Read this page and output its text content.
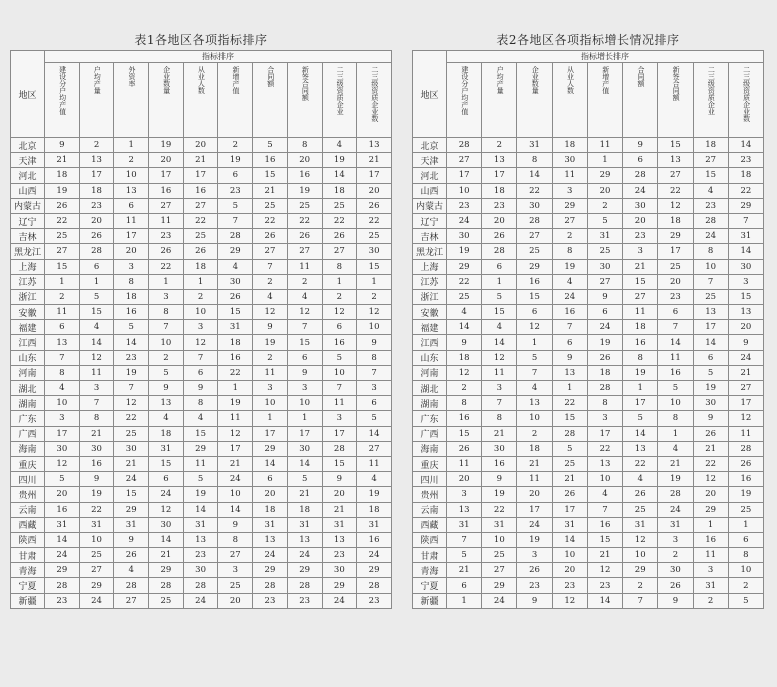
表1各地区各项指标排序
地区	指标排序									
	建设分户均产值	户均产量	外资率	企业数量	从业人数	新增产值	合同额	新签合同额	二三级资质企业	二三级资质企业数
北京	9	2	1	19	20	2	5	8	4	13
天津	21	13	2	20	21	19	16	20	19	21
河北	18	17	10	17	17	6	15	16	14	17
山西	19	18	13	16	16	23	21	19	18	20
内蒙古	26	23	6	27	27	5	25	25	25	26
辽宁	22	20	11	11	22	7	22	22	22	22
吉林	25	26	17	23	25	28	26	26	26	25
黑龙江	27	28	20	26	26	29	27	27	27	30
上海	15	6	3	22	18	4	7	11	8	15
江苏	1	1	8	1	1	30	2	2	1	1
浙江	2	5	18	3	2	26	4	4	2	2
安徽	11	15	16	8	10	15	12	12	12	12
福建	6	4	5	7	3	31	9	7	6	10
江西	13	14	14	10	12	18	19	15	16	9
山东	7	12	23	2	7	16	2	6	5	8
河南	8	11	19	5	6	22	11	9	10	7
湖北	4	3	7	9	9	1	3	3	7	3
湖南	10	7	12	13	8	19	10	10	11	6
广东	3	8	22	4	4	11	1	1	3	5
广西	17	21	25	18	15	12	17	17	17	14
海南	30	30	30	31	29	17	29	30	28	27
重庆	12	16	21	15	11	21	14	14	15	11
四川	5	9	24	6	5	24	6	5	9	4
贵州	20	19	15	24	19	10	20	21	20	19
云南	16	22	29	12	14	14	18	18	21	18
西藏	31	31	31	30	31	9	31	31	31	31
陕西	14	10	9	14	13	8	13	13	13	16
甘肃	24	25	26	21	23	27	24	24	23	24
青海	29	27	4	29	30	3	29	29	30	29
宁夏	28	29	28	28	28	25	28	28	29	28
新疆	23	24	27	25	24	20	23	23	24	23
表2各地区各项指标增长情况排序
地区	指标增长排序								
	建设分户均产值	户均产量	企业数量	从业人数	新增产值	合同额	新签合同额	二三级资质企业	二三级资质企业数
北京	28	2	31	18	11	9	15	18	14
天津	27	13	8	30	1	6	13	27	23
河北	17	17	14	11	29	28	27	15	18
山西	10	18	22	3	20	24	22	4	22
内蒙古	23	23	30	29	2	30	12	23	29
辽宁	24	20	28	27	5	20	18	28	7
吉林	30	26	27	2	31	23	29	24	31
黑龙江	19	28	25	8	25	3	17	8	14
上海	29	6	29	19	30	21	25	10	30
江苏	22	1	16	4	27	15	20	7	3
浙江	25	5	15	24	9	27	23	25	15
安徽	4	15	6	16	6	11	6	13	13
福建	14	4	12	7	24	18	7	17	20
江西	9	14	1	6	19	16	14	14	9
山东	18	12	5	9	26	8	11	6	24
河南	12	11	7	13	18	19	16	5	21
湖北	2	3	4	1	28	1	5	19	27
湖南	8	7	13	22	8	17	10	30	17
广东	16	8	10	15	3	5	8	9	12
广西	15	21	2	28	17	14	1	26	11
海南	26	30	18	5	22	13	4	21	28
重庆	11	16	21	25	13	22	21	22	26
四川	20	9	11	21	10	4	19	12	16
贵州	3	19	20	26	4	26	28	20	19
云南	13	22	17	17	7	25	24	29	25
西藏	31	31	24	31	16	31	31	1	1
陕西	7	10	19	14	15	12	3	16	6
甘肃	5	25	3	10	21	10	2	11	8
青海	21	27	26	20	12	29	30	3	10
宁夏	6	29	23	23	23	2	26	31	2
新疆	1	24	9	12	14	7	9	2	5
